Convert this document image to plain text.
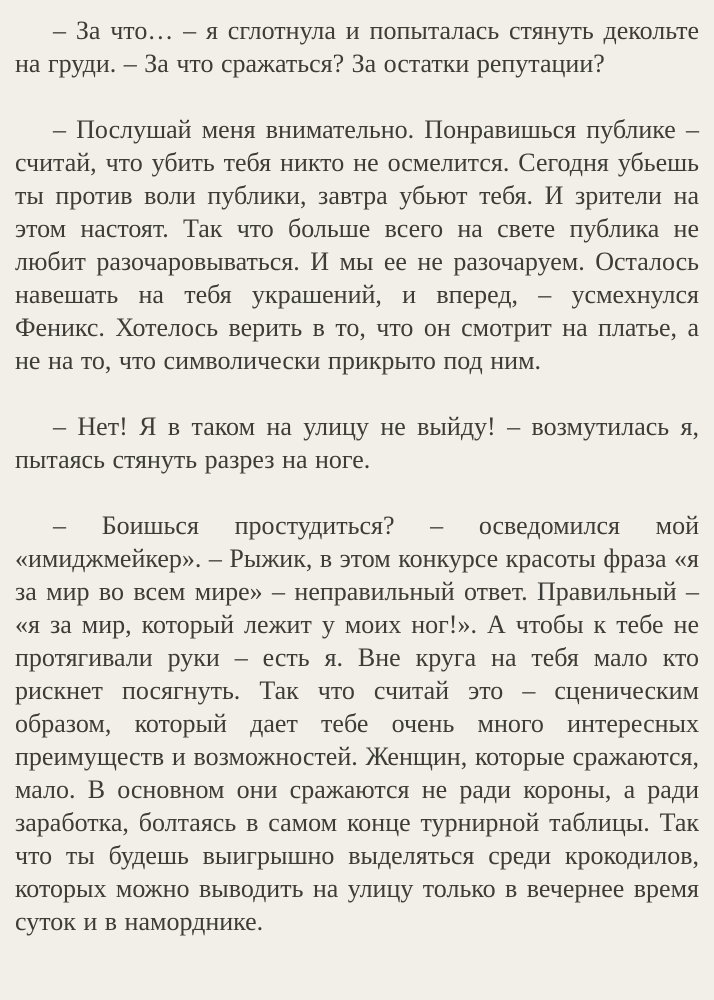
– За что… – я сглотнула и попыталась стянуть декольте на груди. – За что сражаться? За остатки репутации?

– Послушай меня внимательно. Понравишься публике – считай, что убить тебя никто не осмелится. Сегодня убьешь ты против воли публики, завтра убьют тебя. И зрители на этом настоят. Так что больше всего на свете публика не любит разочаровываться. И мы ее не разочаруем. Осталось навешать на тебя украшений, и вперед, – усмехнулся Феникс. Хотелось верить в то, что он смотрит на платье, а не на то, что символически прикрыто под ним.

– Нет! Я в таком на улицу не выйду! – возмутилась я, пытаясь стянуть разрез на ноге.

– Боишься простудиться? – осведомился мой «имиджмейкер». – Рыжик, в этом конкурсе красоты фраза «я за мир во всем мире» – неправильный ответ. Правильный – «я за мир, который лежит у моих ног!». А чтобы к тебе не протягивали руки – есть я. Вне круга на тебя мало кто рискнет посягнуть. Так что считай это – сценическим образом, который дает тебе очень много интересных преимуществ и возможностей. Женщин, которые сражаются, мало. В основном они сражаются не ради короны, а ради заработка, болтаясь в самом конце турнирной таблицы. Так что ты будешь выигрышно выделяться среди крокодилов, которых можно выводить на улицу только в вечернее время суток и в наморднике.
